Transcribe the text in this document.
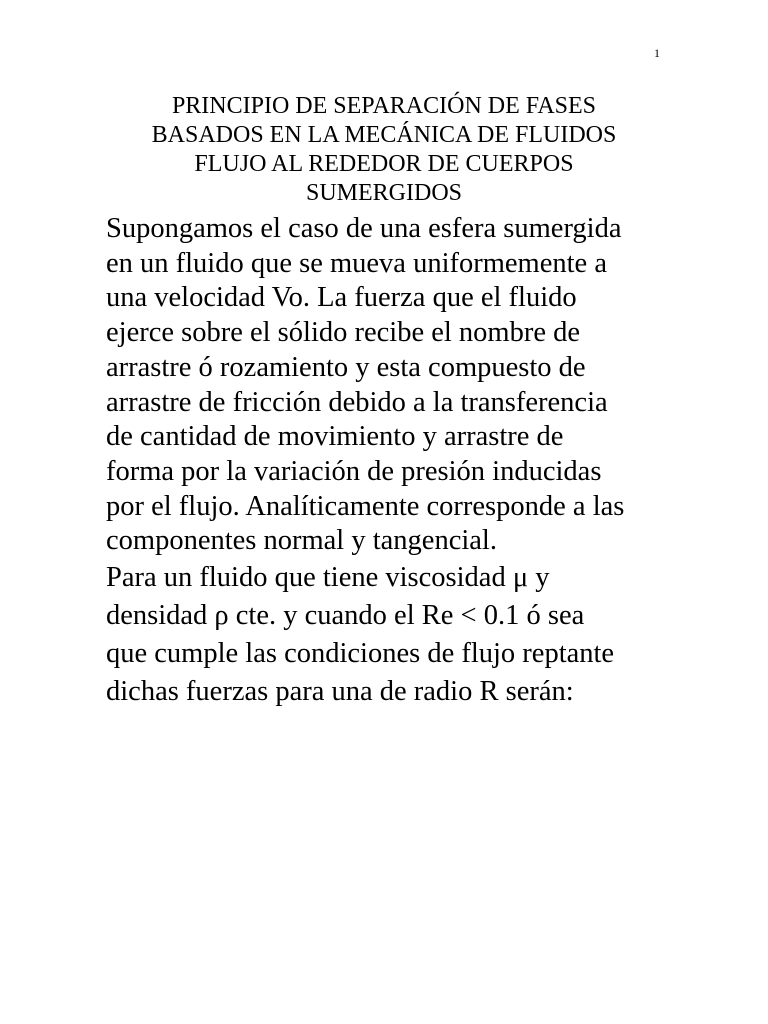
1
PRINCIPIO DE SEPARACIÓN DE FASES
BASADOS EN LA MECÁNICA DE FLUIDOS
FLUJO AL REDEDOR DE CUERPOS
SUMERGIDOS

Supongamos el caso de una esfera sumergida
en un fluido que se mueva uniformemente a
una velocidad Vo. La fuerza que el fluido
ejerce sobre el sólido recibe el nombre de
arrastre ó rozamiento y esta compuesto de
arrastre de fricción debido a la transferencia
de cantidad de movimiento y arrastre de
forma por la variación de presión inducidas
por el flujo. Analíticamente corresponde a las
componentes normal y tangencial.

Para un fluido que tiene viscosidad μ y
densidad ρ cte. y cuando el Re < 0.1 ó sea
que cumple las condiciones de flujo reptante
dichas fuerzas para una de radio R serán:
